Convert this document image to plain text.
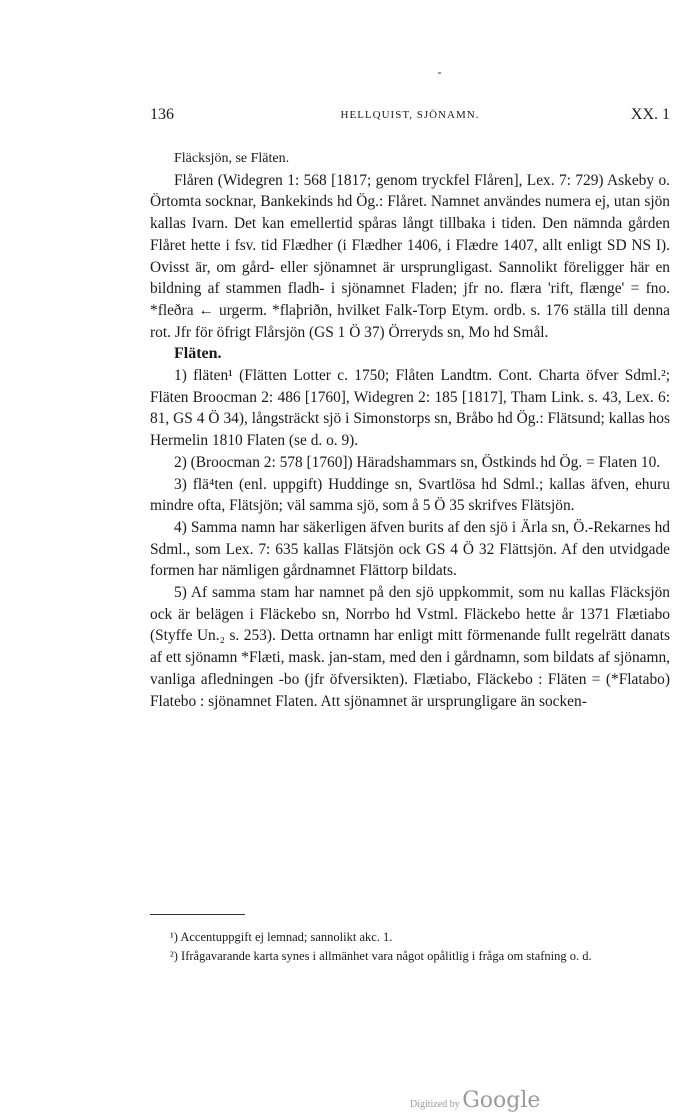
136	HELLQUIST, SJÖNAMN.	XX. 1

Fläcksjön, se Fläten.

Flåren (Widegren 1: 568 [1817; genom tryckfel Flåren], Lex. 7: 729) Askeby o. Örtomta socknar, Bankekinds hd Ög.: Flåret. Namnet användes numera ej, utan sjön kallas Ivarn. Det kan emellertid spåras långt tillbaka i tiden. Den nämnda gården Flåret hette i fsv. tid Flædher (i Flædher 1406, i Flædre 1407, allt enligt SD NS I). Ovisst är, om gård- eller sjönamnet är ursprungligast. Sannolikt föreligger här en bildning af stammen fladh- i sjönamnet Fladen; jfr no. flæra 'rift, flænge' = fno. *fleðra ← urgerm. *flaþriðn, hvilket Falk-Torp Etym. ordb. s. 176 ställa till denna rot. Jfr för öfrigt Flårsjön (GS 1 Ö 37) Örreryds sn, Mo hd Smål.

Fläten.

1) fläten¹ (Flätten Lotter c. 1750; Flåten Landtm. Cont. Charta öfver Sdml.²; Fläten Broocman 2: 486 [1760], Widegren 2: 185 [1817], Tham Link. s. 43, Lex. 6: 81, GS 4 Ö 34), långsträckt sjö i Simonstorps sn, Bråbo hd Ög.: Flätsund; kallas hos Hermelin 1810 Flaten (se d. o. 9).

2) (Broocman 2: 578 [1760]) Häradshammars sn, Östkinds hd Ög. = Flaten 10.

3) flä⁴ten (enl. uppgift) Huddinge sn, Svartlösa hd Sdml.; kallas äfven, ehuru mindre ofta, Flätsjön; väl samma sjö, som å 5 Ö 35 skrifves Flätsjön.

4) Samma namn har säkerligen äfven burits af den sjö i Ärla sn, Ö.-Rekarnes hd Sdml., som Lex. 7: 635 kallas Flätsjön ock GS 4 Ö 32 Flättsjön. Af den utvidgade formen har nämligen gårdnamnet Flättorp bildats.

5) Af samma stam har namnet på den sjö uppkommit, som nu kallas Fläcksjön ock är belägen i Fläckebo sn, Norrbo hd Vstml. Fläckebo hette år 1371 Flætiabo (Styffe Un.₂ s. 253). Detta ortnamn har enligt mitt förmenande fullt regelrätt danats af ett sjönamn *Flæti, mask. jan-stam, med den i gårdnamn, som bildats af sjönamn, vanliga afledningen -bo (jfr öfversikten). Flætiabo, Fläckebo : Fläten = (*Flatabo) Flatebo : sjönamnet Flaten. Att sjönamnet är ursprungligare än socken-

¹) Accentuppgift ej lemnad; sannolikt akc. 1.

²) Ifrågavarande karta synes i allmänhet vara något opålitlig i fråga om stafning o. d.

Digitized by Google
